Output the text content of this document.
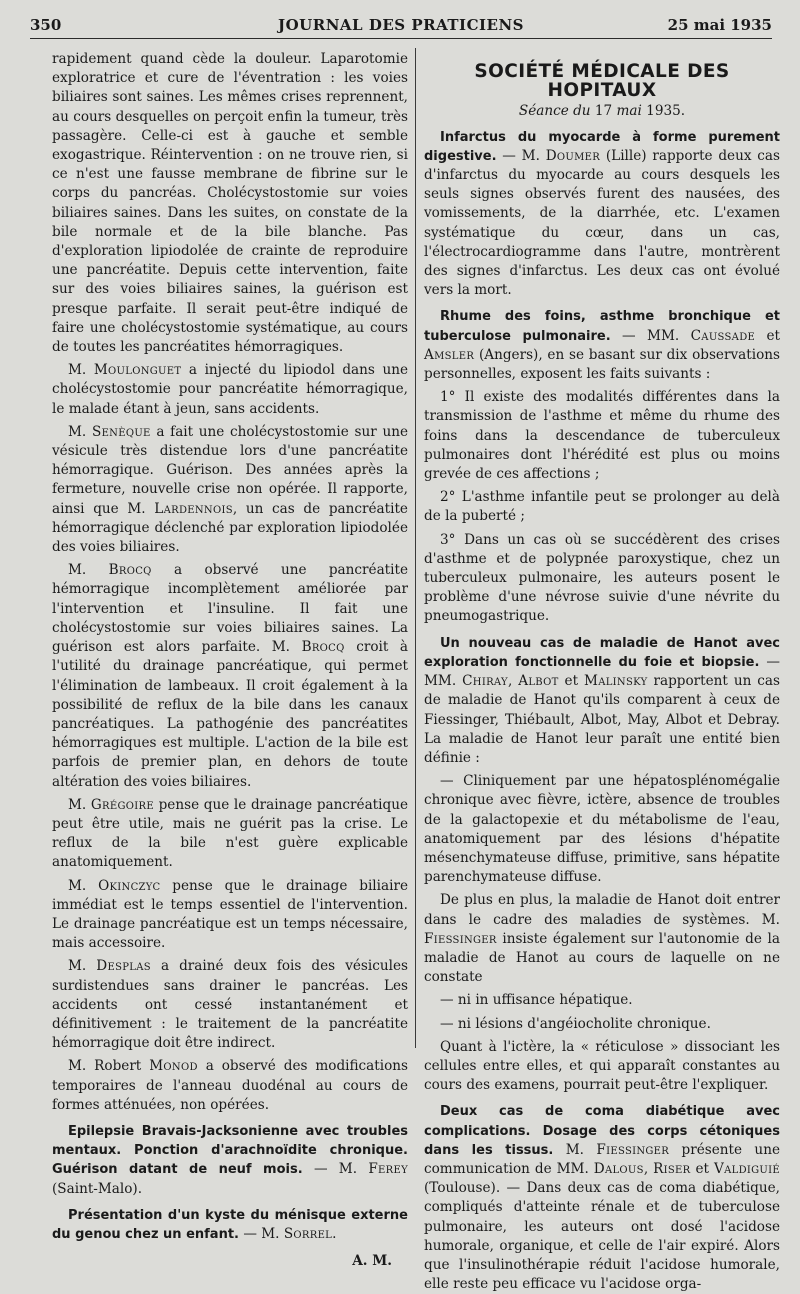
350	JOURNAL DES PRATICIENS	25 mai 1935

rapidement quand cède la douleur. Laparotomie exploratrice et cure de l'éventration : les voies biliaires sont saines. Les mêmes crises reprennent, au cours desquelles on perçoit enfin la tumeur, très passagère. Celle-ci est à gauche et semble exogastrique. Réintervention : on ne trouve rien, si ce n'est une fausse membrane de fibrine sur le corps du pancréas. Cholécystostomie sur voies biliaires saines. Dans les suites, on constate de la bile normale et de la bile blanche. Pas d'exploration lipiodolée de crainte de reproduire une pancréatite. Depuis cette intervention, faite sur des voies biliaires saines, la guérison est presque parfaite. Il serait peut-être indiqué de faire une cholécystostomie systématique, au cours de toutes les pancréatites hémorragiques.

M. Moulonguet a injecté du lipiodol dans une cholécystostomie pour pancréatite hémorragique, le malade étant à jeun, sans accidents.

M. Senèque a fait une cholécystostomie sur une vésicule très distendue lors d'une pancréatite hémorragique. Guérison. Des années après la fermeture, nouvelle crise non opérée. Il rapporte, ainsi que M. Lardennois, un cas de pancréatite hémorragique déclenché par exploration lipiodolée des voies biliaires.

M. Brocq a observé une pancréatite hémorragique incomplètement améliorée par l'intervention et l'insuline. Il fait une cholécystostomie sur voies biliaires saines. La guérison est alors parfaite. M. Brocq croit à l'utilité du drainage pancréatique, qui permet l'élimination de lambeaux. Il croit également à la possibilité de reflux de la bile dans les canaux pancréatiques. La pathogénie des pancréatites hémorragiques est multiple. L'action de la bile est parfois de premier plan, en dehors de toute altération des voies biliaires.

M. Grégoire pense que le drainage pancréatique peut être utile, mais ne guérit pas la crise. Le reflux de la bile n'est guère explicable anatomiquement.

M. Okinczyc pense que le drainage biliaire immédiat est le temps essentiel de l'intervention. Le drainage pancréatique est un temps nécessaire, mais accessoire.

M. Desplas a drainé deux fois des vésicules surdistendues sans drainer le pancréas. Les accidents ont cessé instantanément et définitivement : le traitement de la pancréatite hémorragique doit être indirect.

M. Robert Monod a observé des modifications temporaires de l'anneau duodénal au cours de formes atténuées, non opérées.

Epilepsie Bravais-Jacksonienne avec troubles mentaux. Ponction d'arachnoïdite chronique. Guérison datant de neuf mois. — M. Ferey (Saint-Malo).

Présentation d'un kyste du ménisque externe du genou chez un enfant. — M. Sorrel.

A. M.

SOCIÉTÉ MÉDICALE DES HOPITAUX
Séance du 17 mai 1935.

Infarctus du myocarde à forme purement digestive. — M. Doumer (Lille) rapporte deux cas d'infarctus du myocarde au cours desquels les seuls signes observés furent des nausées, des vomissements, de la diarrhée, etc. L'examen systématique du cœur, dans un cas, l'électrocardiogramme dans l'autre, montrèrent des signes d'infarctus. Les deux cas ont évolué vers la mort.

Rhume des foins, asthme bronchique et tuberculose pulmonaire. — MM. Caussade et Amsler (Angers), en se basant sur dix observations personnelles, exposent les faits suivants :

1° Il existe des modalités différentes dans la transmission de l'asthme et même du rhume des foins dans la descendance de tuberculeux pulmonaires dont l'hérédité est plus ou moins grevée de ces affections ;

2° L'asthme infantile peut se prolonger au delà de la puberté ;

3° Dans un cas où se succédèrent des crises d'asthme et de polypnée paroxystique, chez un tuberculeux pulmonaire, les auteurs posent le problème d'une névrose suivie d'une névrite du pneumogastrique.

Un nouveau cas de maladie de Hanot avec exploration fonctionnelle du foie et biopsie. — MM. Chiray, Albot et Malinsky rapportent un cas de maladie de Hanot qu'ils comparent à ceux de Fiessinger, Thiébault, Albot, May, Albot et Debray. La maladie de Hanot leur paraît une entité bien définie :

— Cliniquement par une hépatosplénomégalie chronique avec fièvre, ictère, absence de troubles de la galactopexie et du métabolisme de l'eau, anatomiquement par des lésions d'hépatite mésenchymateuse diffuse, primitive, sans hépatite parenchymateuse diffuse.

De plus en plus, la maladie de Hanot doit entrer dans le cadre des maladies de systèmes. M. Fiessinger insiste également sur l'autonomie de la maladie de Hanot au cours de laquelle on ne constate

— ni in uffisance hépatique.

— ni lésions d'angéiocholite chronique.

Quant à l'ictère, la « réticulose » dissociant les cellules entre elles, et qui apparaît constantes au cours des examens, pourrait peut-être l'expliquer.

Deux cas de coma diabétique avec complications. Dosage des corps cétoniques dans les tissus. M. Fiessinger présente une communication de MM. Dalous, Riser et Valdiguié (Toulouse). — Dans deux cas de coma diabétique, compliqués d'atteinte rénale et de tuberculose pulmonaire, les auteurs ont dosé l'acidose humorale, organique, et celle de l'air expiré. Alors que l'insulinothérapie réduit l'acidose humorale, elle reste peu efficace vu l'acidose orga-
